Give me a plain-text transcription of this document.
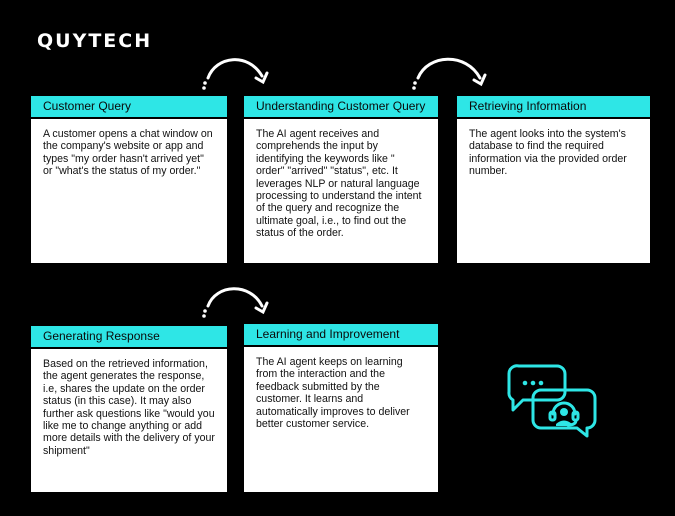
QUYTECH
Customer Query
A customer opens a chat window on the company's website or app and types "my order hasn't arrived yet" or "what's the status of my order."
Understanding Customer Query
The AI agent receives and comprehends the input by identifying the keywords like " order" "arrived" "status", etc. It leverages NLP or natural language processing to understand the intent of the query and recognize the ultimate goal, i.e., to find out the status of the order.
Retrieving Information
The agent looks into the system's database to find the required information via the provided order number.
Generating Response
Based on the retrieved information, the agent generates the response, i.e, shares the update on the order status (in this case). It may also further ask questions like "would you like me to change anything or add more details with the delivery of your shipment"
Learning and Improvement
The AI agent keeps on learning from the interaction and the feedback submitted by the customer. It learns and automatically improves to deliver better customer service.
